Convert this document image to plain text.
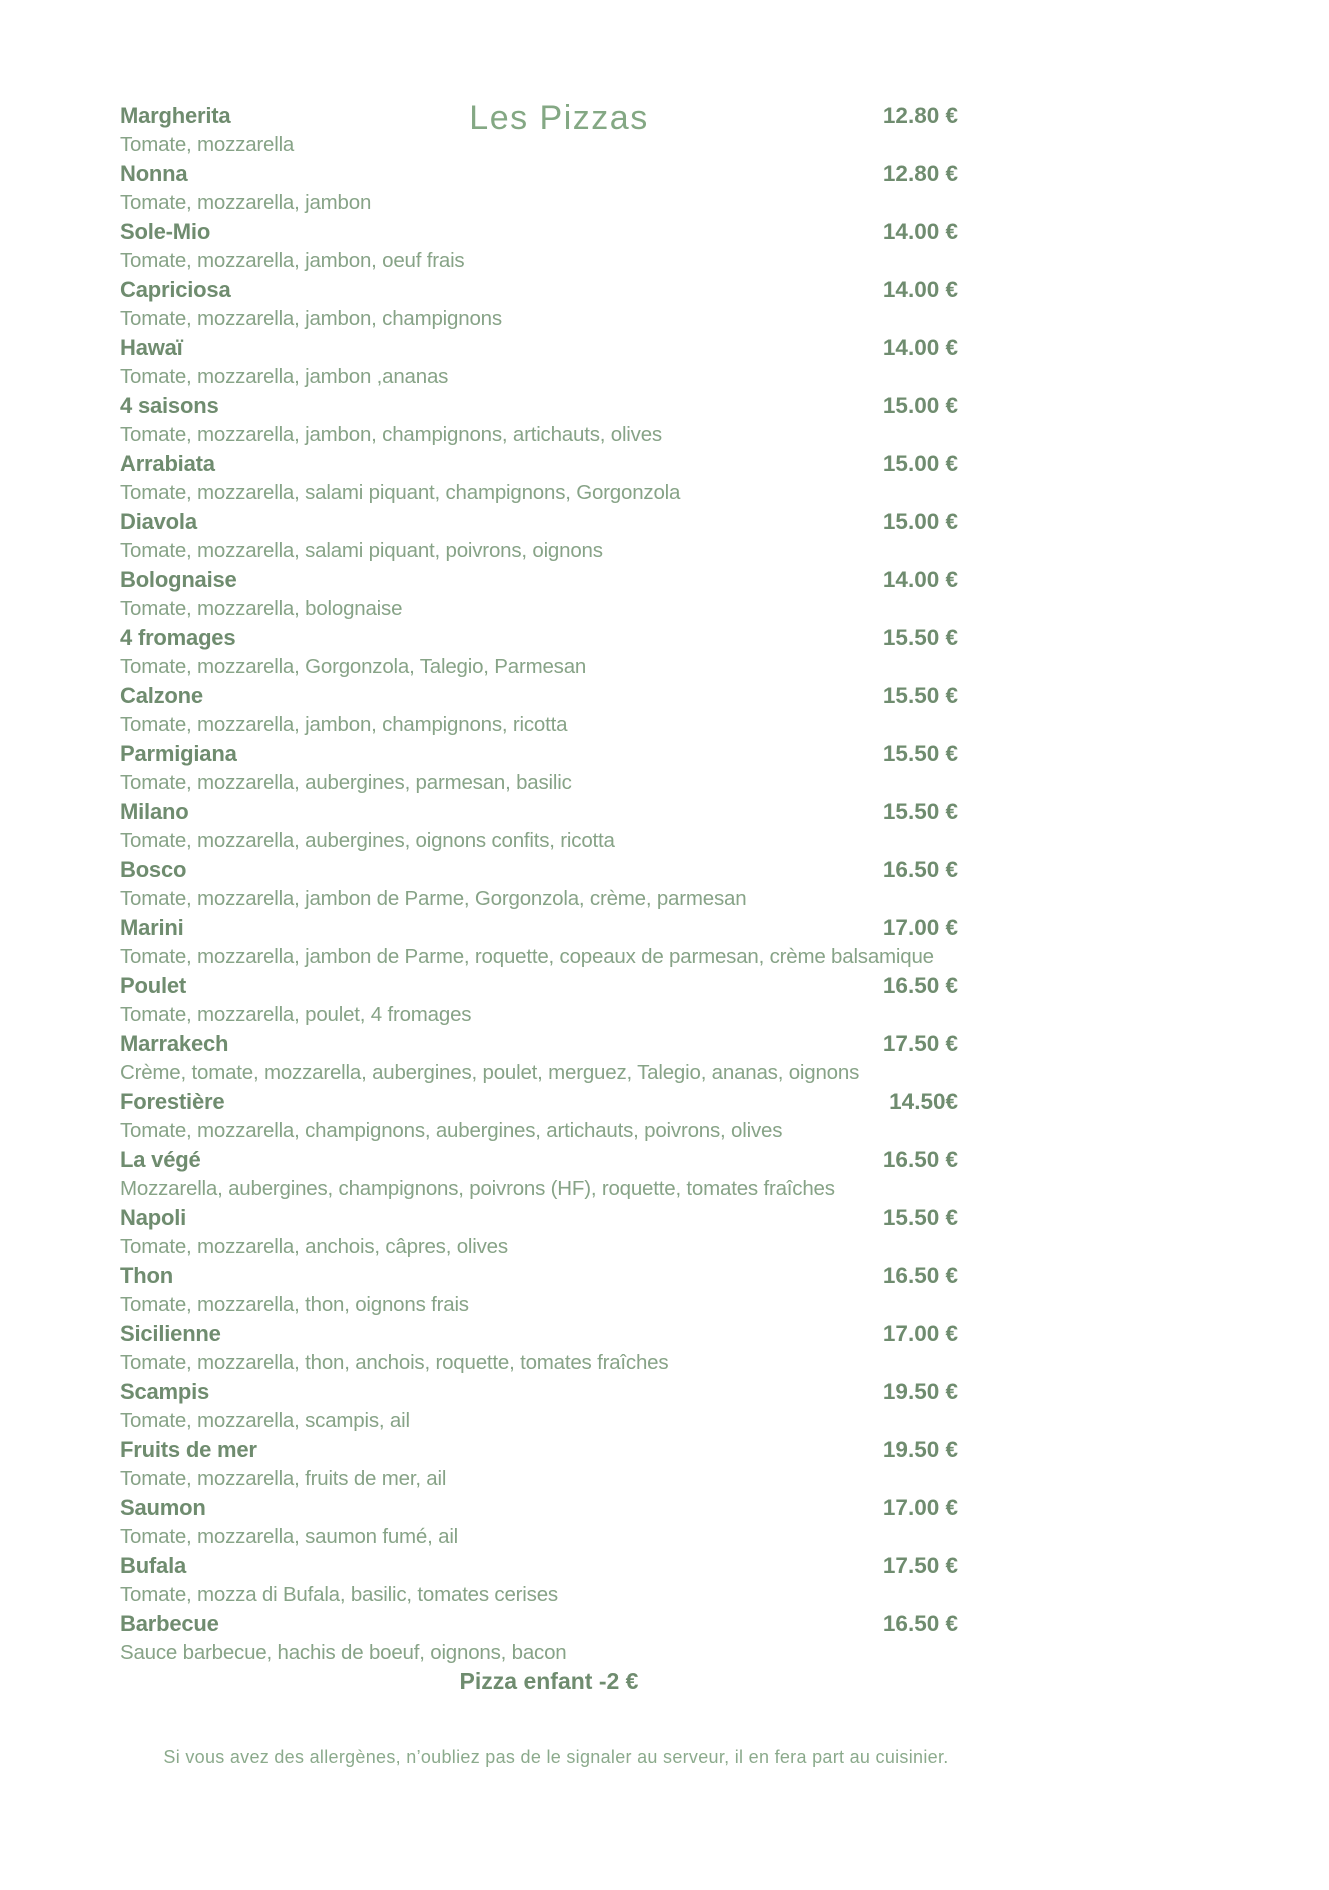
Les Pizzas
Margherita	12.80 €
Tomate, mozzarella
Nonna	12.80 €
Tomate, mozzarella, jambon
Sole-Mio	14.00 €
Tomate, mozzarella, jambon, oeuf frais
Capriciosa	14.00 €
Tomate, mozzarella, jambon, champignons
Hawaï	14.00 €
Tomate, mozzarella, jambon ,ananas
4 saisons	15.00 €
Tomate, mozzarella, jambon, champignons, artichauts, olives
Arrabiata	15.00 €
Tomate, mozzarella, salami piquant, champignons, Gorgonzola
Diavola	15.00 €
Tomate, mozzarella, salami piquant, poivrons, oignons
Bolognaise	14.00 €
Tomate, mozzarella, bolognaise
4 fromages	15.50 €
Tomate, mozzarella, Gorgonzola, Talegio, Parmesan
Calzone	15.50 €
Tomate, mozzarella, jambon, champignons, ricotta
Parmigiana	15.50 €
Tomate, mozzarella, aubergines, parmesan, basilic
Milano	15.50 €
Tomate, mozzarella, aubergines, oignons confits, ricotta
Bosco	16.50 €
Tomate, mozzarella, jambon de Parme, Gorgonzola, crème, parmesan
Marini	17.00 €
Tomate, mozzarella, jambon de Parme, roquette, copeaux de parmesan, crème balsamique
Poulet	16.50 €
Tomate, mozzarella, poulet, 4 fromages
Marrakech	17.50 €
Crème, tomate, mozzarella, aubergines, poulet, merguez, Talegio, ananas, oignons
Forestière	14.50€
Tomate, mozzarella, champignons, aubergines, artichauts, poivrons, olives
La végé	16.50 €
Mozzarella, aubergines, champignons, poivrons (HF), roquette, tomates fraîches
Napoli	15.50 €
Tomate, mozzarella, anchois, câpres, olives
Thon	16.50 €
Tomate, mozzarella, thon, oignons frais
Sicilienne	17.00 €
Tomate, mozzarella, thon, anchois, roquette, tomates fraîches
Scampis	19.50 €
Tomate, mozzarella, scampis, ail
Fruits de mer	19.50 €
Tomate, mozzarella, fruits de mer, ail
Saumon	17.00 €
Tomate, mozzarella, saumon fumé, ail
Bufala	17.50 €
Tomate, mozza di Bufala, basilic, tomates cerises
Barbecue	16.50 €
Sauce barbecue, hachis de boeuf, oignons, bacon
Pizza enfant -2 €
Si vous avez des allergènes, n’oubliez pas de le signaler au serveur, il en fera part au cuisinier.
